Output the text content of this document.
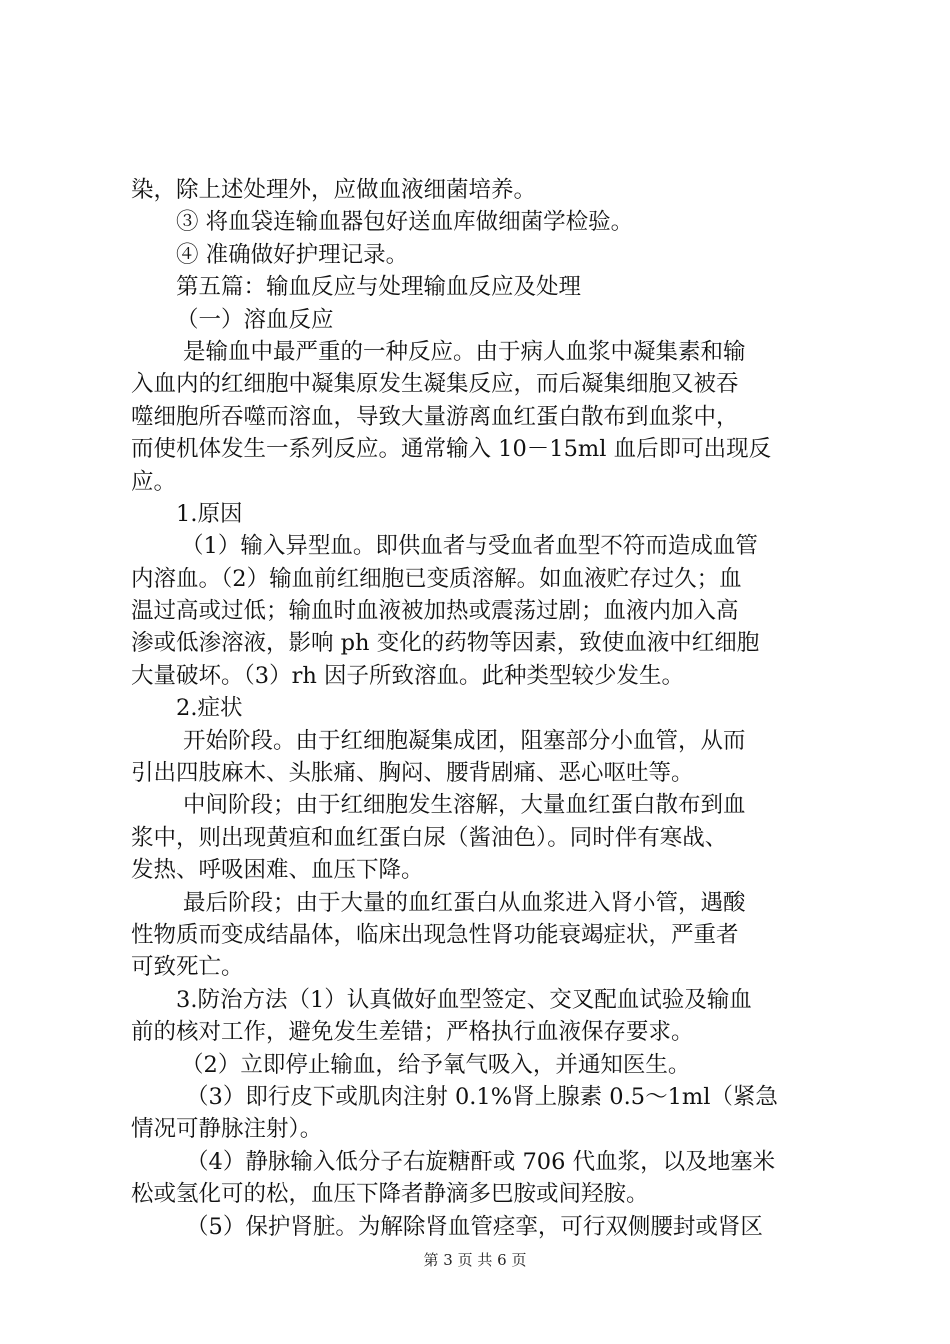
染，除上述处理外，应做血液细菌培养。
③ 将血袋连输血器包好送血库做细菌学检验。
④ 准确做好护理记录。
第五篇：输血反应与处理输血反应及处理
（一）溶血反应
是输血中最严重的一种反应。由于病人血浆中凝集素和输
入血内的红细胞中凝集原发生凝集反应，而后凝集细胞又被吞
噬细胞所吞噬而溶血，导致大量游离血红蛋白散布到血浆中，
而使机体发生一系列反应。通常输入 10－15ml 血后即可出现反
应。
1.原因
（1）输入异型血。即供血者与受血者血型不符而造成血管
内溶血。（2）输血前红细胞已变质溶解。如血液贮存过久；血
温过高或过低；输血时血液被加热或震荡过剧；血液内加入高
渗或低渗溶液，影响 ph 变化的药物等因素，致使血液中红细胞
大量破坏。（3）rh 因子所致溶血。此种类型较少发生。
2.症状
开始阶段。由于红细胞凝集成团，阻塞部分小血管，从而
引出四肢麻木、头胀痛、胸闷、腰背剧痛、恶心呕吐等。
中间阶段；由于红细胞发生溶解，大量血红蛋白散布到血
浆中，则出现黄疸和血红蛋白尿（酱油色）。同时伴有寒战、
发热、呼吸困难、血压下降。
最后阶段；由于大量的血红蛋白从血浆进入肾小管，遇酸
性物质而变成结晶体，临床出现急性肾功能衰竭症状，严重者
可致死亡。
3.防治方法（1）认真做好血型签定、交叉配血试验及输血
前的核对工作，避免发生差错；严格执行血液保存要求。
（2）立即停止输血，给予氧气吸入，并通知医生。
（3）即行皮下或肌肉注射 0.1%肾上腺素 0.5～1ml（紧急
情况可静脉注射）。
（4）静脉输入低分子右旋糖酐或 706 代血浆，以及地塞米
松或氢化可的松，血压下降者静滴多巴胺或间羟胺。
（5）保护肾脏。为解除肾血管痉挛，可行双侧腰封或肾区
第 3 页 共 6 页
